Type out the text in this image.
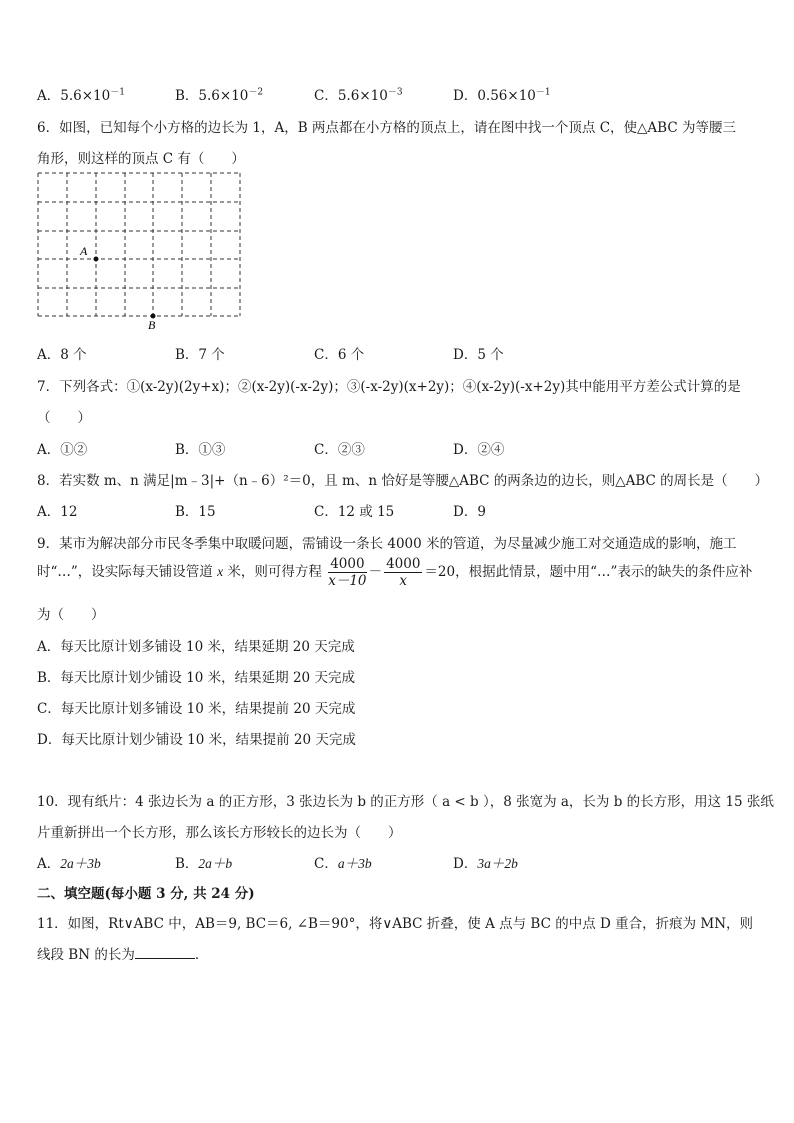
A．$5.6\times 10^{-1}$	B．$5.6\times 10^{-2}$	C．$5.6\times 10^{-3}$	D．$0.56\times 10^{-1}$
6．如图，已知每个小方格的边长为 1，A，B 两点都在小方格的顶点上，请在图中找一个顶点 C，使△ABC 为等腰三
角形，则这样的顶点 C 有（　　）
A
B
A．8 个	B．7 个	C．6 个	D．5 个
7．下列各式：①(x-2y)(2y+x)；②(x-2y)(-x-2y)；③(-x-2y)(x+2y)；④(x-2y)(-x+2y)其中能用平方差公式计算的是
（　　）
A．①②	B．①③	C．②③	D．②④
8．若实数 m、n 满足|m﹣3|+（n﹣6）²＝0，且 m、n 恰好是等腰△ABC 的两条边的边长，则△ABC 的周长是（　　）
A．12	B．15	C．12 或 15	D．9
9．某市为解决部分市民冬季集中取暖问题，需铺设一条长 4000 米的管道，为尽量减少施工对交通造成的影响，施工
时“…”，设实际每天铺设管道 x 米，则可得方程 $\frac{4000}{x-10} - \frac{4000}{x} =20$，根据此情景，题中用“…”表示的缺失的条件应补
为（　　）
A．每天比原计划多铺设 10 米，结果延期 20 天完成
B．每天比原计划少铺设 10 米，结果延期 20 天完成
C．每天比原计划多铺设 10 米，结果提前 20 天完成
D．每天比原计划少铺设 10 米，结果提前 20 天完成
10．现有纸片：4 张边长为 a 的正方形，3 张边长为 b 的正方形（ a < b ），8 张宽为 a，长为 b 的长方形，用这 15 张纸
片重新拼出一个长方形，那么该长方形较长的边长为（　　）
A．2a＋3b	B．2a＋b	C．a＋3b	D．3a＋2b
二、填空题(每小题 3 分, 共 24 分)
11．如图，Rt∨ABC 中，AB＝9, BC＝6, ∠B＝90°，将∨ABC 折叠，使 A 点与 BC 的中点 D 重合，折痕为 MN，则
线段 BN 的长为	．
